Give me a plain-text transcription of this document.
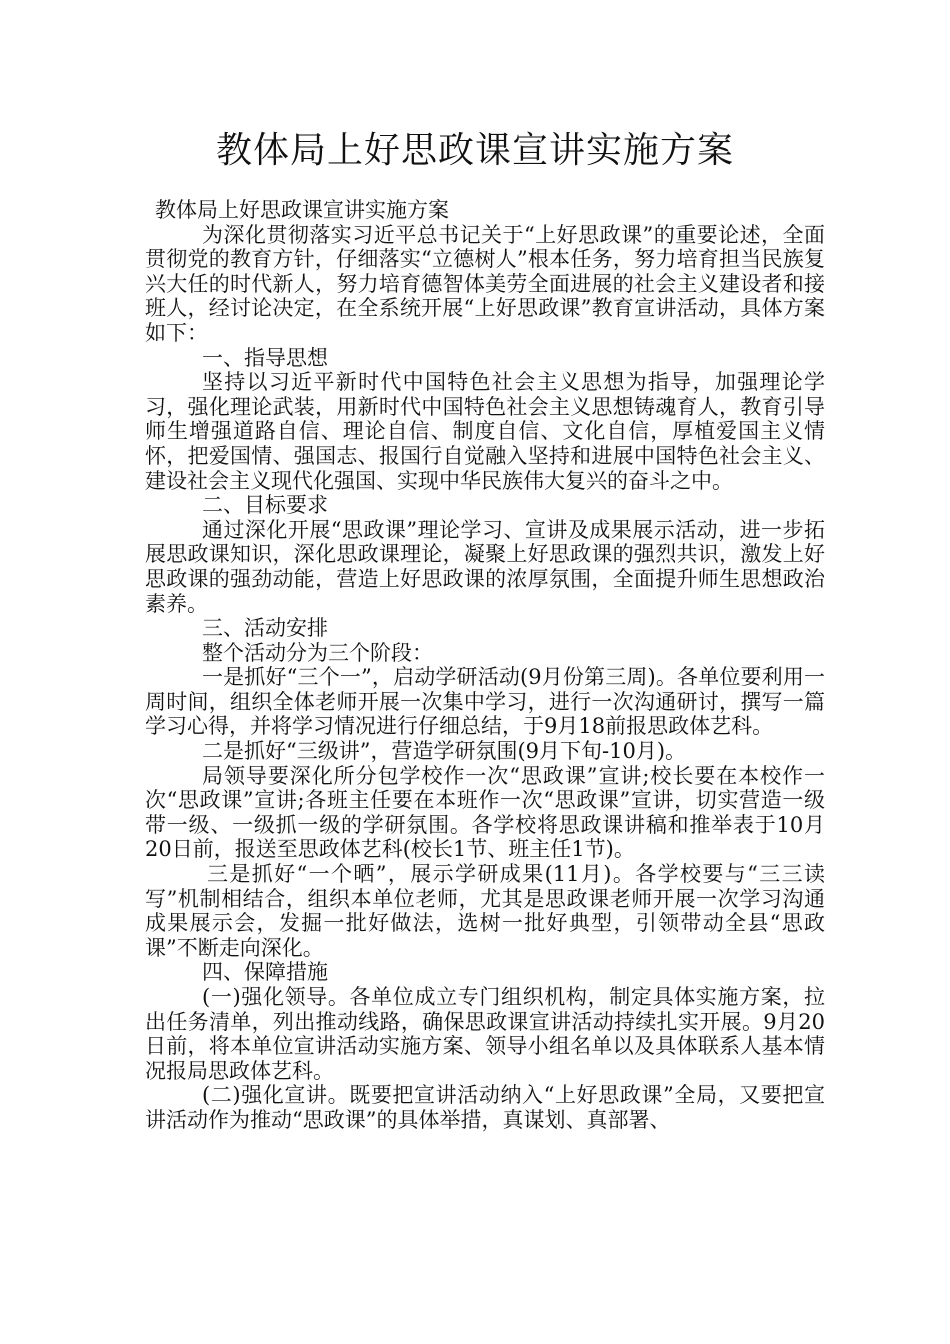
教体局上好思政课宣讲实施方案

教体局上好思政课宣讲实施方案

为深化贯彻落实习近平总书记关于“上好思政课”的重要论述，全面贯彻党的教育方针，仔细落实“立德树人”根本任务，努力培育担当民族复兴大任的时代新人，努力培育德智体美劳全面进展的社会主义建设者和接班人，经讨论决定，在全系统开展“上好思政课”教育宣讲活动，具体方案如下：

一、指导思想

坚持以习近平新时代中国特色社会主义思想为指导，加强理论学习，强化理论武装，用新时代中国特色社会主义思想铸魂育人，教育引导师生增强道路自信、理论自信、制度自信、文化自信，厚植爱国主义情怀，把爱国情、强国志、报国行自觉融入坚持和进展中国特色社会主义、建设社会主义现代化强国、实现中华民族伟大复兴的奋斗之中。

二、目标要求

通过深化开展“思政课”理论学习、宣讲及成果展示活动，进一步拓展思政课知识，深化思政课理论，凝聚上好思政课的强烈共识，激发上好思政课的强劲动能，营造上好思政课的浓厚氛围，全面提升师生思想政治素养。

三、活动安排

整个活动分为三个阶段：

一是抓好“三个一”，启动学研活动(9月份第三周)。各单位要利用一周时间，组织全体老师开展一次集中学习，进行一次沟通研讨，撰写一篇学习心得，并将学习情况进行仔细总结，于9月18前报思政体艺科。

二是抓好“三级讲”，营造学研氛围(9月下旬-10月)。

局领导要深化所分包学校作一次“思政课”宣讲;校长要在本校作一次“思政课”宣讲;各班主任要在本班作一次“思政课”宣讲，切实营造一级带一级、一级抓一级的学研氛围。各学校将思政课讲稿和推举表于10月20日前，报送至思政体艺科(校长1节、班主任1节)。

三是抓好“一个晒”，展示学研成果(11月)。各学校要与“三三读写”机制相结合，组织本单位老师，尤其是思政课老师开展一次学习沟通成果展示会，发掘一批好做法，选树一批好典型，引领带动全县“思政课”不断走向深化。

四、保障措施

(一)强化领导。各单位成立专门组织机构，制定具体实施方案，拉出任务清单，列出推动线路，确保思政课宣讲活动持续扎实开展。9月20日前，将本单位宣讲活动实施方案、领导小组名单以及具体联系人基本情况报局思政体艺科。

(二)强化宣讲。既要把宣讲活动纳入“上好思政课”全局，又要把宣讲活动作为推动“思政课”的具体举措，真谋划、真部署、
